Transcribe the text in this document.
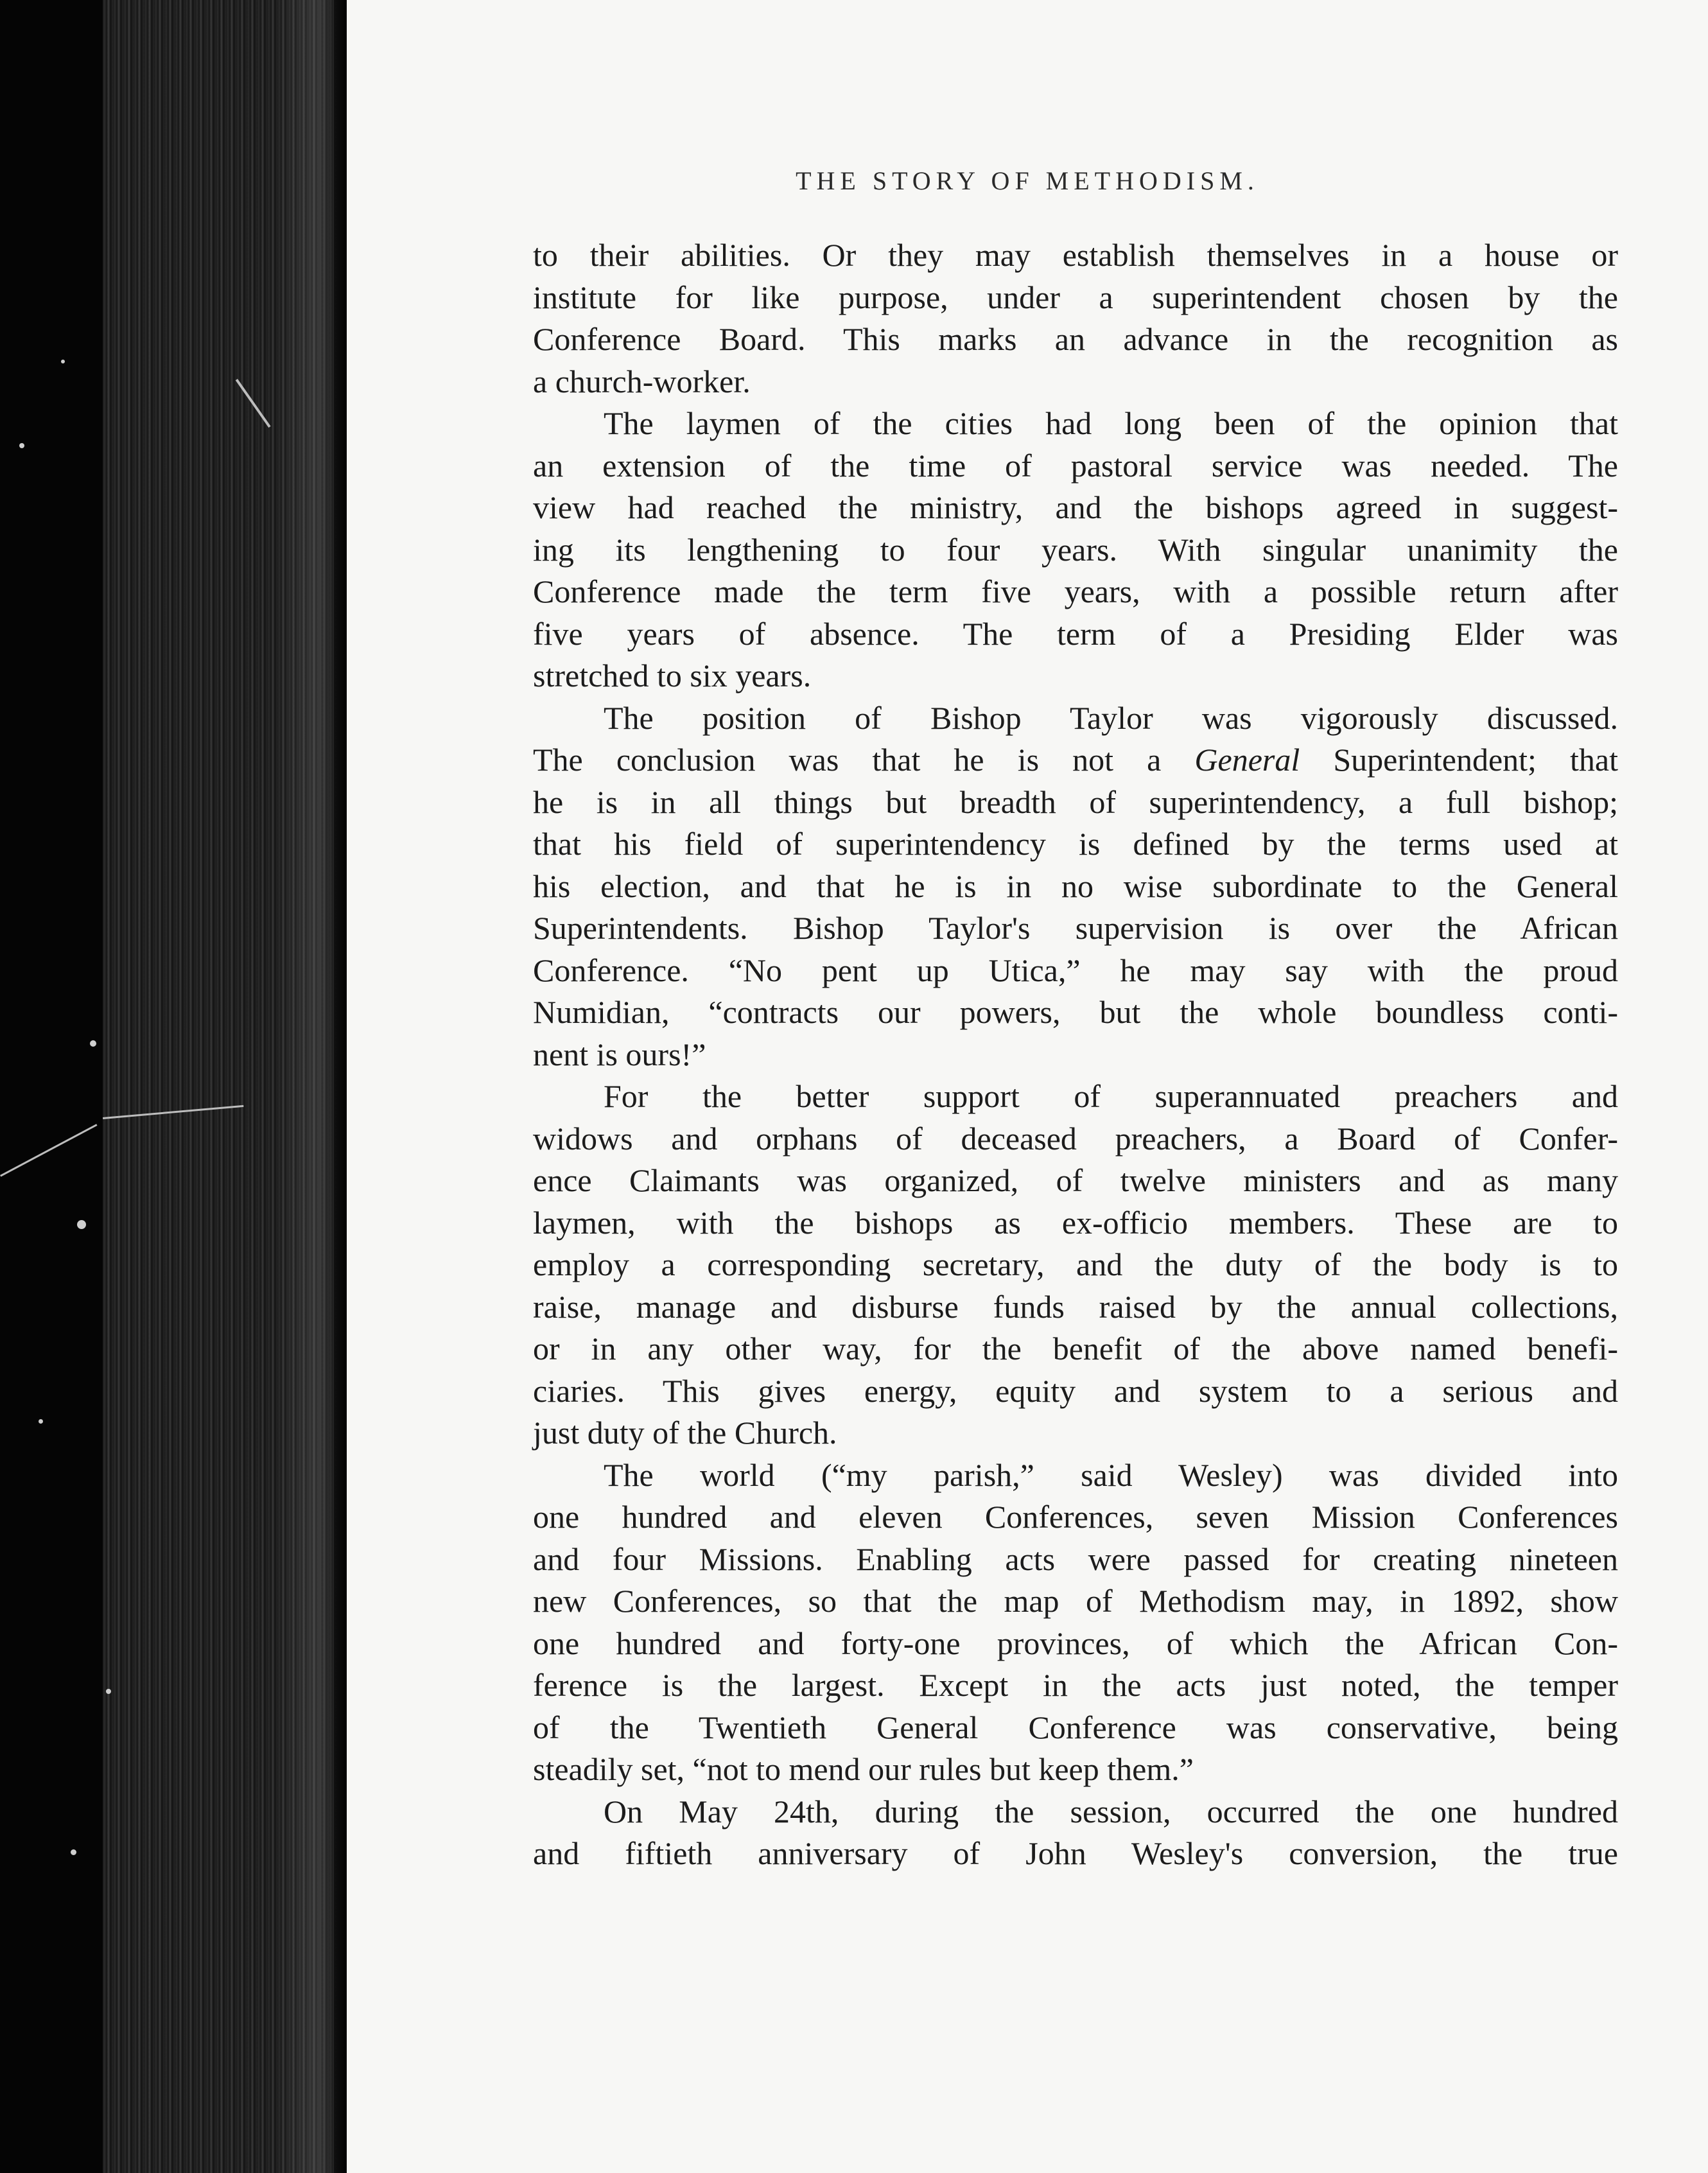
THE STORY OF METHODISM.
to their abilities. Or they may establish themselves in a house or
institute for like purpose, under a superintendent chosen by the
Conference Board. This marks an advance in the recognition as
a church-worker.
The laymen of the cities had long been of the opinion that
an extension of the time of pastoral service was needed. The
view had reached the ministry, and the bishops agreed in suggest-
ing its lengthening to four years. With singular unanimity the
Conference made the term five years, with a possible return after
five years of absence. The term of a Presiding Elder was
stretched to six years.
The position of Bishop Taylor was vigorously discussed.
The conclusion was that he is not a General Superintendent; that
he is in all things but breadth of superintendency, a full bishop;
that his field of superintendency is defined by the terms used at
his election, and that he is in no wise subordinate to the General
Superintendents. Bishop Taylor's supervision is over the African
Conference. “No pent up Utica,” he may say with the proud
Numidian, “contracts our powers, but the whole boundless conti-
nent is ours!”
For the better support of superannuated preachers and
widows and orphans of deceased preachers, a Board of Confer-
ence Claimants was organized, of twelve ministers and as many
laymen, with the bishops as ex-officio members. These are to
employ a corresponding secretary, and the duty of the body is to
raise, manage and disburse funds raised by the annual collections,
or in any other way, for the benefit of the above named benefi-
ciaries. This gives energy, equity and system to a serious and
just duty of the Church.
The world (“my parish,” said Wesley) was divided into
one hundred and eleven Conferences, seven Mission Conferences
and four Missions. Enabling acts were passed for creating nineteen
new Conferences, so that the map of Methodism may, in 1892, show
one hundred and forty-one provinces, of which the African Con-
ference is the largest. Except in the acts just noted, the temper
of the Twentieth General Conference was conservative, being
steadily set, “not to mend our rules but keep them.”
On May 24th, during the session, occurred the one hundred
and fiftieth anniversary of John Wesley's conversion, the true
